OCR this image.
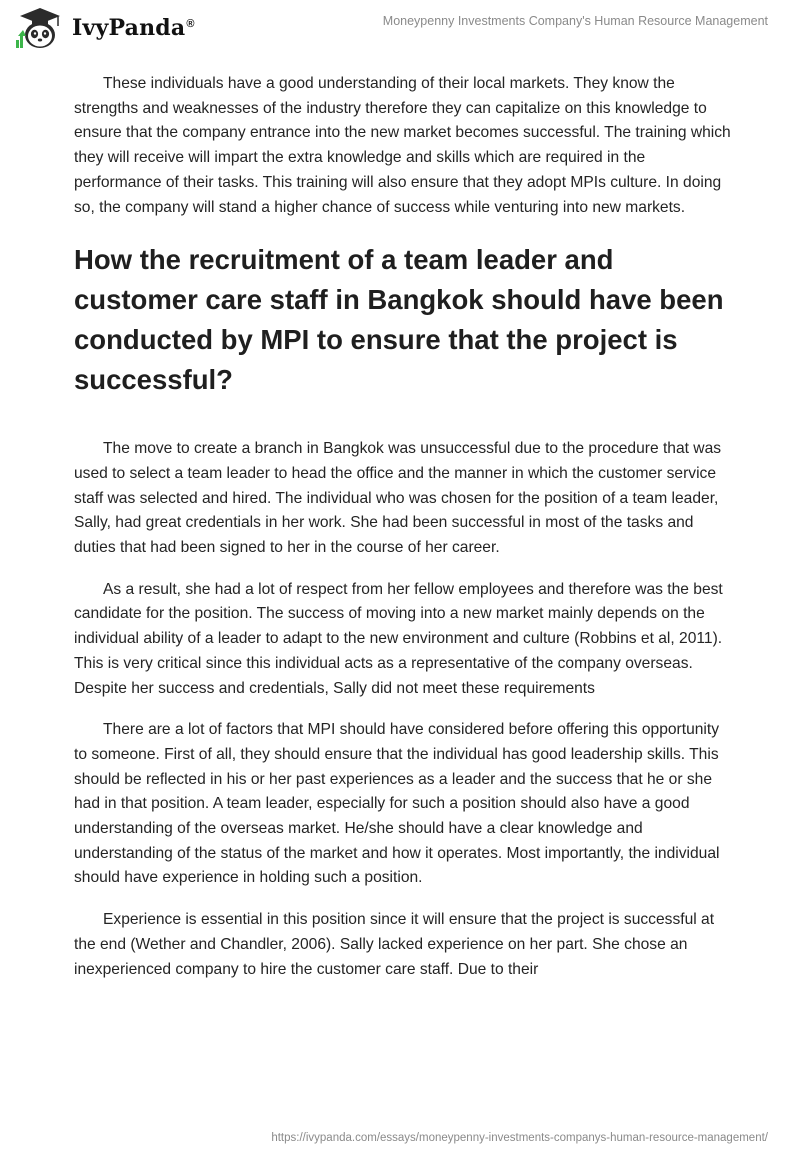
IvyPanda®	Moneypenny Investments Company's Human Resource Management

These individuals have a good understanding of their local markets. They know the strengths and weaknesses of the industry therefore they can capitalize on this knowledge to ensure that the company entrance into the new market becomes successful. The training which they will receive will impart the extra knowledge and skills which are required in the performance of their tasks. This training will also ensure that they adopt MPIs culture. In doing so, the company will stand a higher chance of success while venturing into new markets.

How the recruitment of a team leader and customer care staff in Bangkok should have been conducted by MPI to ensure that the project is successful?

The move to create a branch in Bangkok was unsuccessful due to the procedure that was used to select a team leader to head the office and the manner in which the customer service staff was selected and hired. The individual who was chosen for the position of a team leader, Sally, had great credentials in her work. She had been successful in most of the tasks and duties that had been signed to her in the course of her career.

As a result, she had a lot of respect from her fellow employees and therefore was the best candidate for the position. The success of moving into a new market mainly depends on the individual ability of a leader to adapt to the new environment and culture (Robbins et al, 2011). This is very critical since this individual acts as a representative of the company overseas. Despite her success and credentials, Sally did not meet these requirements

There are a lot of factors that MPI should have considered before offering this opportunity to someone. First of all, they should ensure that the individual has good leadership skills. This should be reflected in his or her past experiences as a leader and the success that he or she had in that position. A team leader, especially for such a position should also have a good understanding of the overseas market. He/she should have a clear knowledge and understanding of the status of the market and how it operates. Most importantly, the individual should have experience in holding such a position.

Experience is essential in this position since it will ensure that the project is successful at the end (Wether and Chandler, 2006). Sally lacked experience on her part. She chose an inexperienced company to hire the customer care staff. Due to their

https://ivypanda.com/essays/moneypenny-investments-companys-human-resource-management/
